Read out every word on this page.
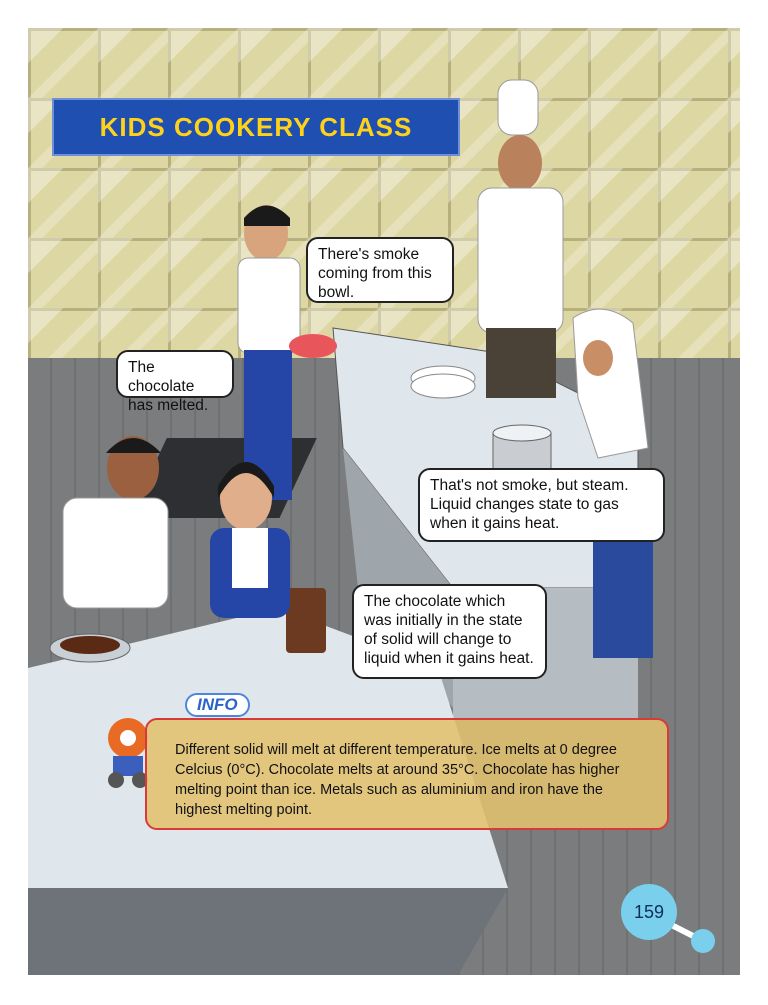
KIDS COOKERY CLASS
There's smoke coming from this bowl.
The chocolate has melted.
That's not smoke, but steam. Liquid changes state to gas when it gains heat.
The chocolate which was initially in the state of solid will change to liquid when it gains heat.
Different solid will melt at different temperature. Ice melts at 0 degree Celcius (0°C). Chocolate melts at around 35°C. Chocolate has higher melting point than ice. Metals such as aluminium and iron have the highest melting point.
INFO
159
